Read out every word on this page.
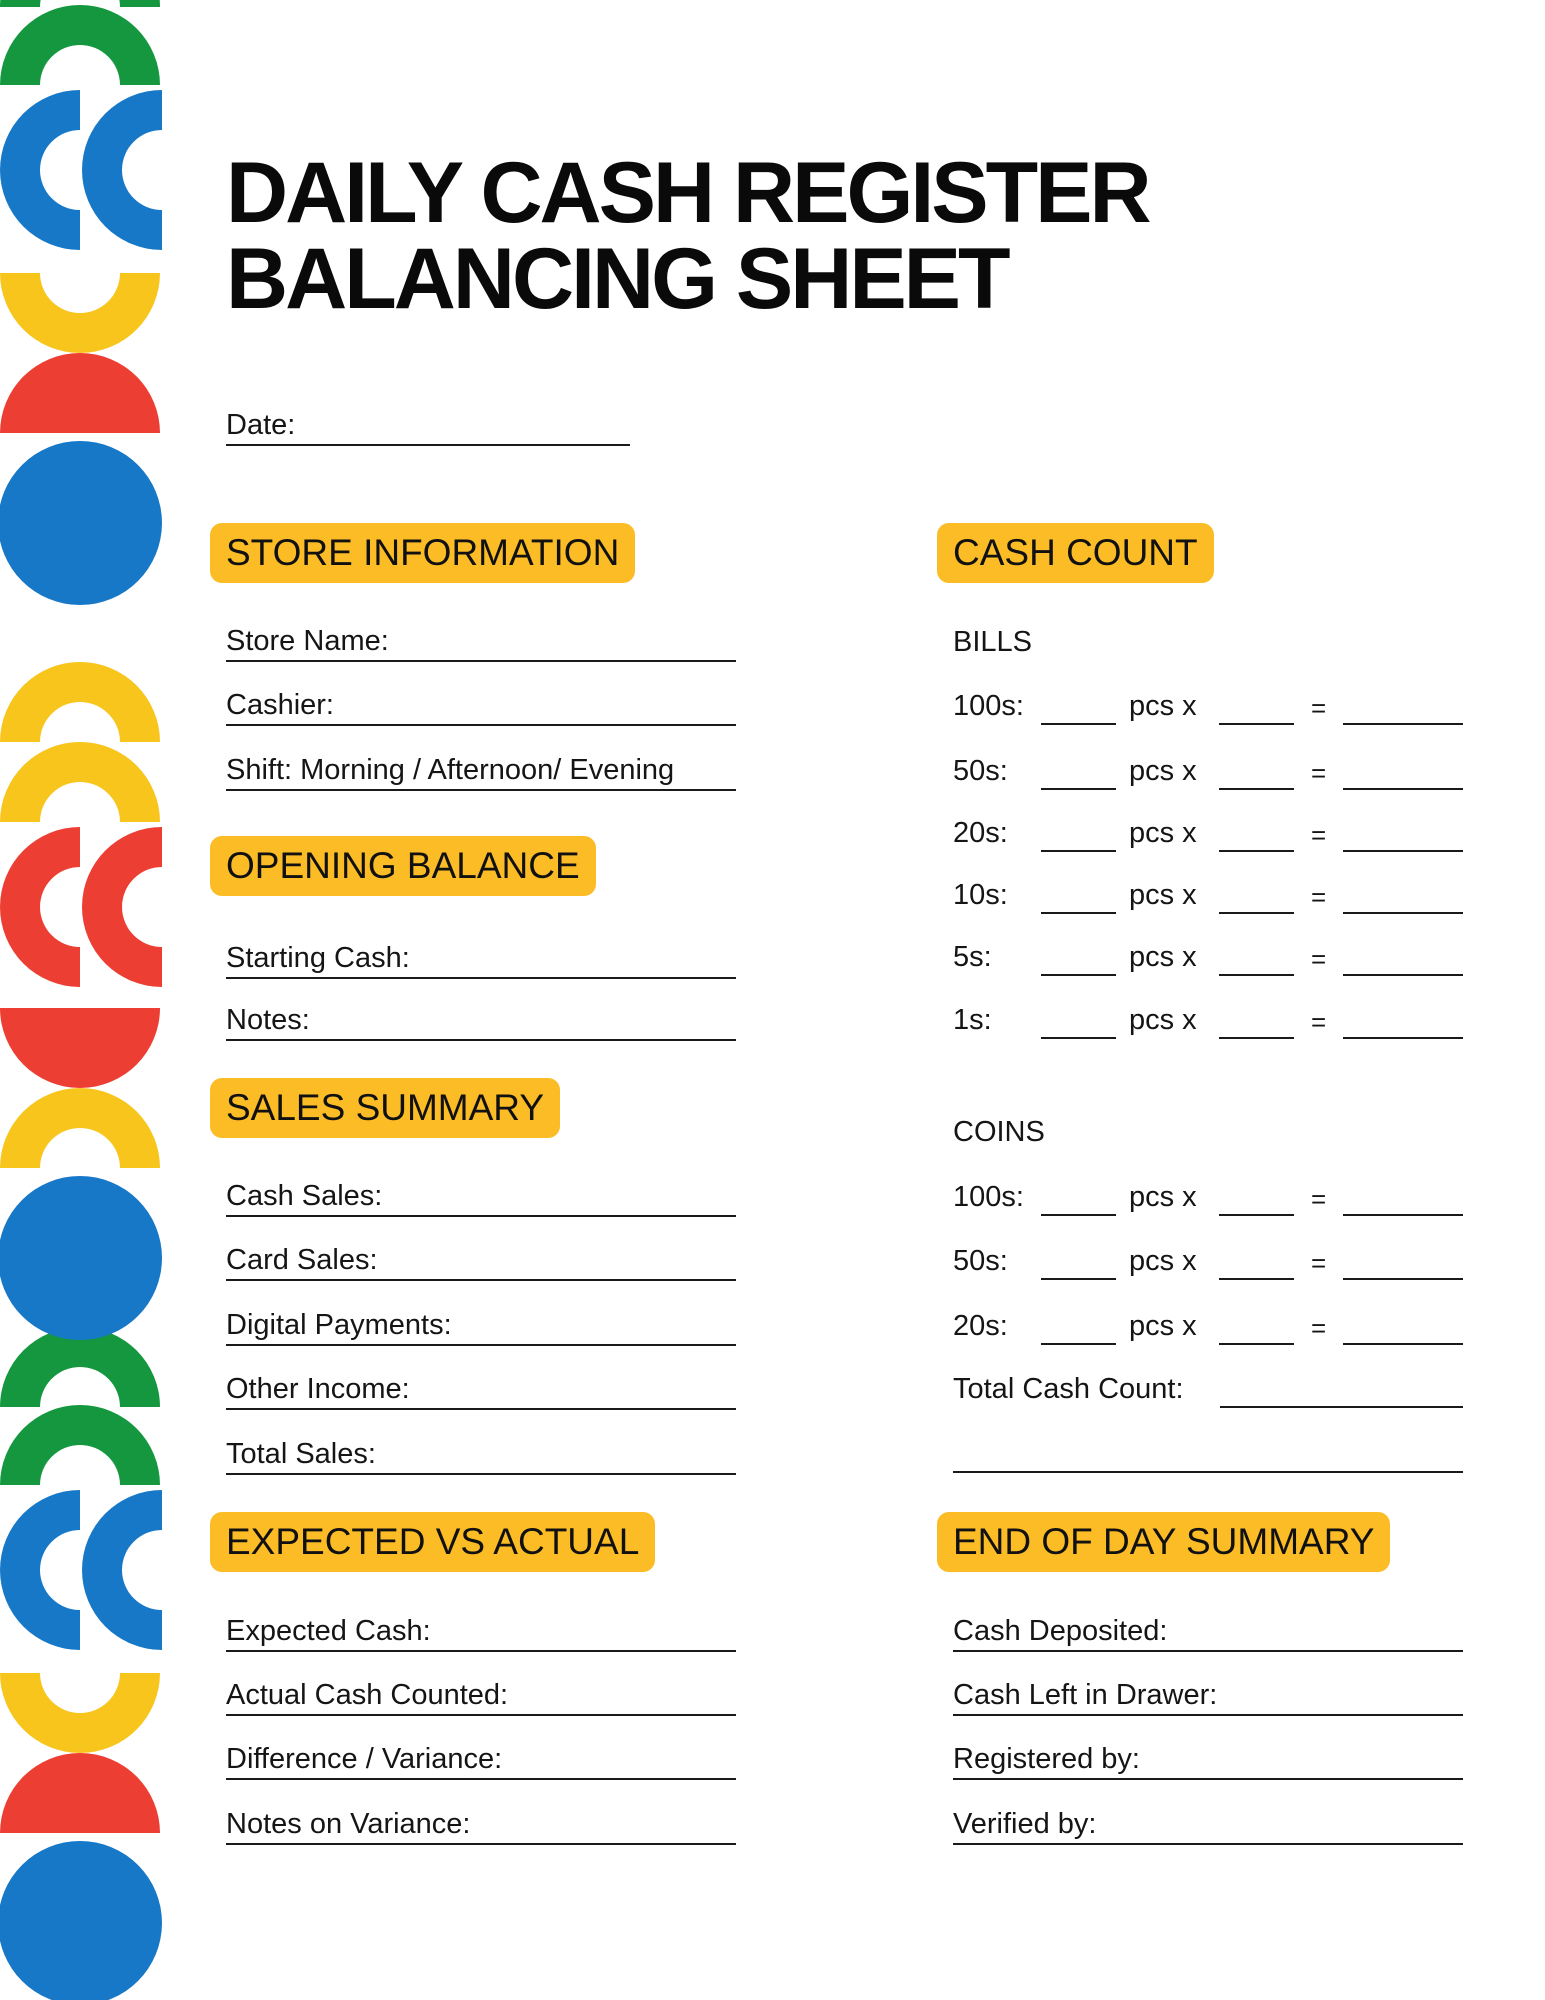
DAILY CASH REGISTER
BALANCING SHEET
Date:
STORE INFORMATION
Store Name:
Cashier:
Shift: Morning / Afternoon/ Evening
OPENING BALANCE
Starting Cash:
Notes:
SALES SUMMARY
Cash Sales:
Card Sales:
Digital Payments:
Other Income:
Total Sales:
EXPECTED VS ACTUAL
Expected Cash:
Actual Cash Counted:
Difference / Variance:
Notes on Variance:
CASH COUNT
BILLS
100s:	pcs x	=
50s:	pcs x	=
20s:	pcs x	=
10s:	pcs x	=
5s:	pcs x	=
1s:	pcs x	=
COINS
100s:	pcs x	=
50s:	pcs x	=
20s:	pcs x	=
Total Cash Count:
END OF DAY SUMMARY
Cash Deposited:
Cash Left in Drawer:
Registered by:
Verified by:
